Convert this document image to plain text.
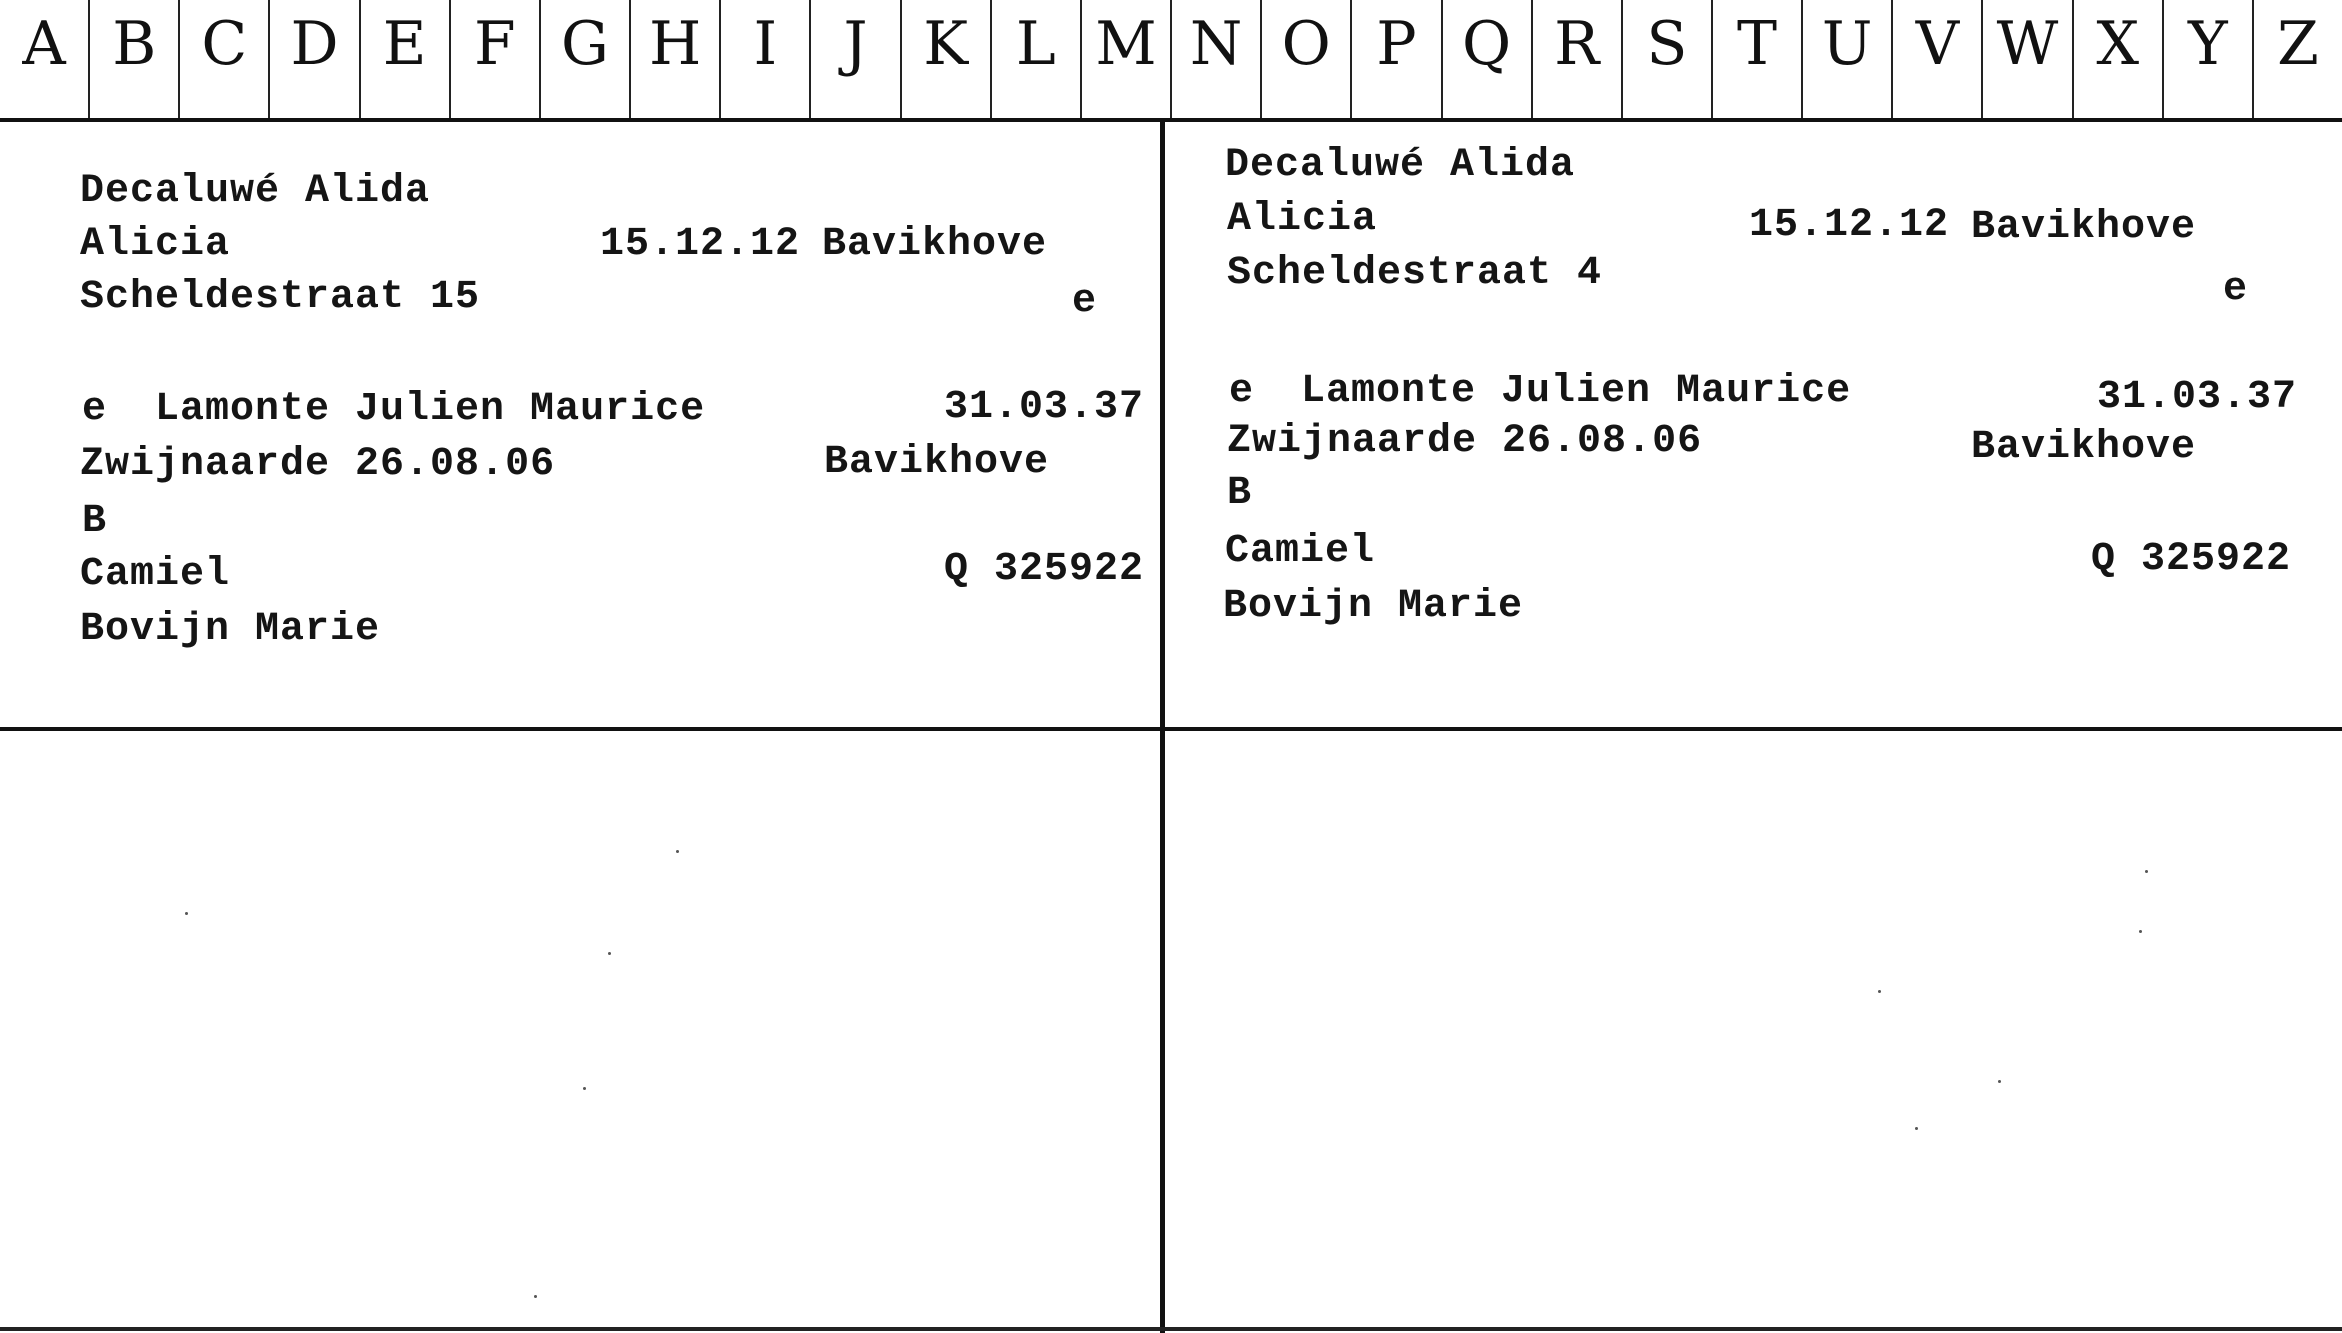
A B C D E F G H I	J K L M N O P Q R S T U V W X Y Z
Decaluwé Alida
Alicia	15.12.12 Bavikhove
Scheldestraat 15	e
e Lamonte Julien Maurice	31.03.37
Zwijnaarde 26.08.06	Bavikhove
B
Camiel	Q 325922
Bovijn Marie
Decaluwé Alida
Alicia	15.12.12 Bavikhove
Scheldestraat 4	e
e Lamonte Julien Maurice	31.03.37
Zwijnaarde 26.08.06	Bavikhove
B
Camiel	Q 325922
Bovijn Marie
